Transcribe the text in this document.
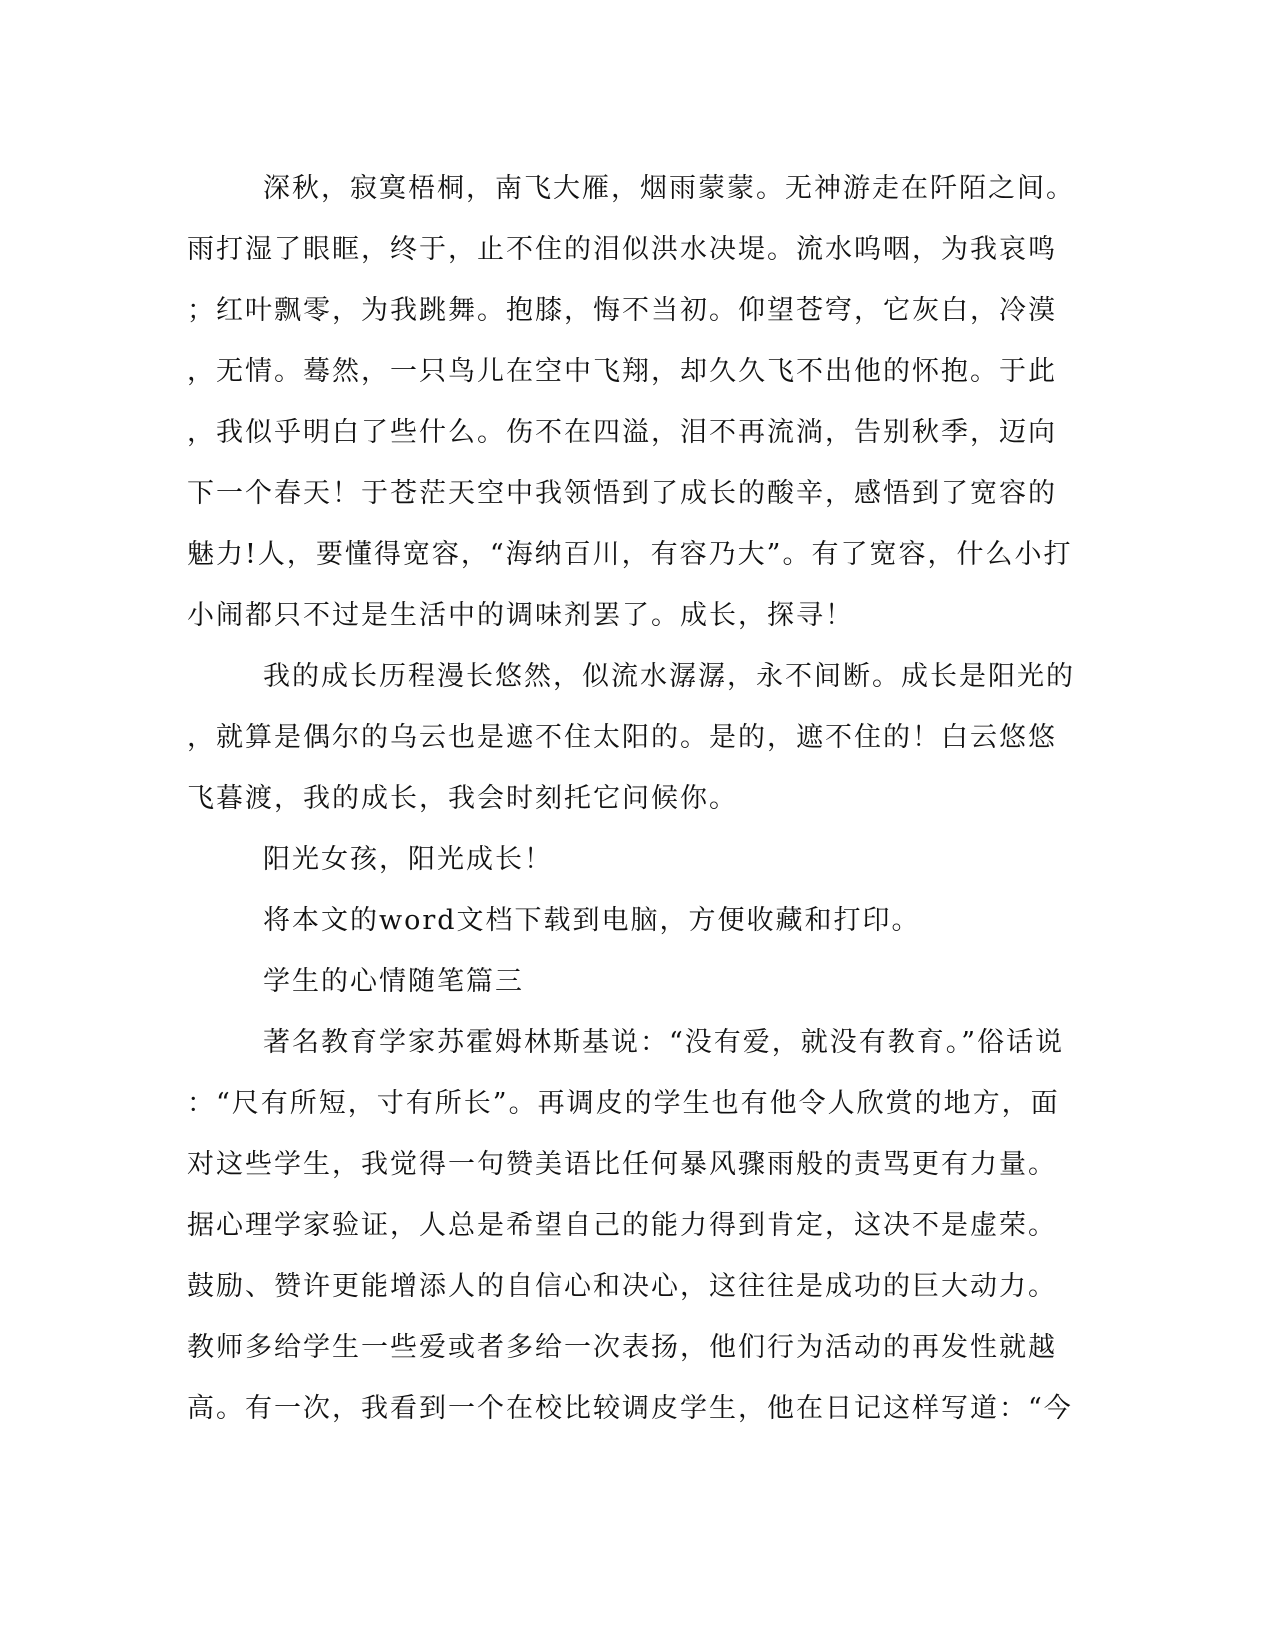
深秋，寂寞梧桐，南飞大雁，烟雨蒙蒙。无神游走在阡陌之间。
雨打湿了眼眶，终于，止不住的泪似洪水决堤。流水呜咽，为我哀鸣
；红叶飘零，为我跳舞。抱膝，悔不当初。仰望苍穹，它灰白，冷漠
，无情。蓦然，一只鸟儿在空中飞翔，却久久飞不出他的怀抱。于此
，我似乎明白了些什么。伤不在四溢，泪不再流淌，告别秋季，迈向
下一个春天！于苍茫天空中我领悟到了成长的酸辛，感悟到了宽容的
魅力!人，要懂得宽容，“海纳百川，有容乃大”。有了宽容，什么小打
小闹都只不过是生活中的调味剂罢了。成长，探寻！
我的成长历程漫长悠然，似流水潺潺，永不间断。成长是阳光的
，就算是偶尔的乌云也是遮不住太阳的。是的，遮不住的！白云悠悠
飞暮渡，我的成长，我会时刻托它问候你。
阳光女孩，阳光成长！
将本文的word文档下载到电脑，方便收藏和打印。
学生的心情随笔篇三
著名教育学家苏霍姆林斯基说：“没有爱，就没有教育。”俗话说
：“尺有所短，寸有所长”。再调皮的学生也有他令人欣赏的地方，面
对这些学生，我觉得一句赞美语比任何暴风骤雨般的责骂更有力量。
据心理学家验证，人总是希望自己的能力得到肯定，这决不是虚荣。
鼓励、赞许更能增添人的自信心和决心，这往往是成功的巨大动力。
教师多给学生一些爱或者多给一次表扬，他们行为活动的再发性就越
高。有一次，我看到一个在校比较调皮学生，他在日记这样写道：“今
